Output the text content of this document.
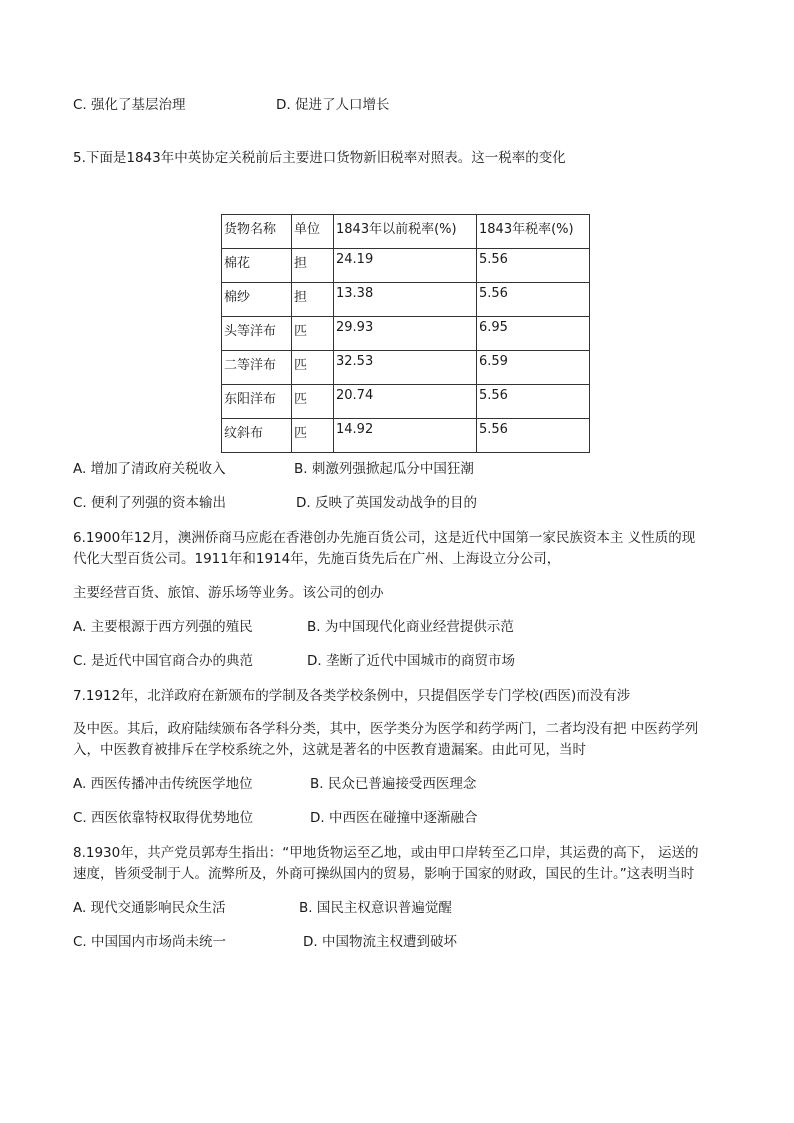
C. 强化了基层治理	D. 促进了人口增长
5.下面是1843年中英协定关税前后主要进口货物新旧税率对照表。这一税率的变化
货物名称	单位	1843年以前税率(%)	1843年税率(%)
棉花	担	24.19	5.56
棉纱	担	13.38	5.56
头等洋布	匹	29.93	6.95
二等洋布	匹	32.53	6.59
东阳洋布	匹	20.74	5.56
纹斜布	匹	14.92	5.56
A. 增加了清政府关税收入	B. 刺激列强掀起瓜分中国狂潮
C. 便利了列强的资本输出	D. 反映了英国发动战争的目的
6.1900年12月，澳洲侨商马应彪在香港创办先施百货公司，这是近代中国第一家民族资本主 义性质的现
代化大型百货公司。1911年和1914年，先施百货先后在广州、上海设立分公司，
主要经营百货、旅馆、游乐场等业务。该公司的创办
A. 主要根源于西方列强的殖民	B. 为中国现代化商业经营提供示范
C. 是近代中国官商合办的典范	D. 垄断了近代中国城市的商贸市场
7.1912年，北洋政府在新颁布的学制及各类学校条例中，只提倡医学专门学校(西医)而没有涉
及中医。其后，政府陆续颁布各学科分类，其中，医学类分为医学和药学两门，二者均没有把 中医药学列
入，中医教育被排斥在学校系统之外，这就是著名的中医教育遗漏案。由此可见，当时
A. 西医传播冲击传统医学地位	B. 民众已普遍接受西医理念
C. 西医依靠特权取得优势地位	D. 中西医在碰撞中逐渐融合
8.1930年，共产党员郭寿生指出：“甲地货物运至乙地，或由甲口岸转至乙口岸，其运费的高下， 运送的
速度，皆须受制于人。流弊所及，外商可操纵国内的贸易，影响于国家的财政，国民的生计。”这表明当时
A. 现代交通影响民众生活	B. 国民主权意识普遍觉醒
C. 中国国内市场尚未统一	D. 中国物流主权遭到破坏
